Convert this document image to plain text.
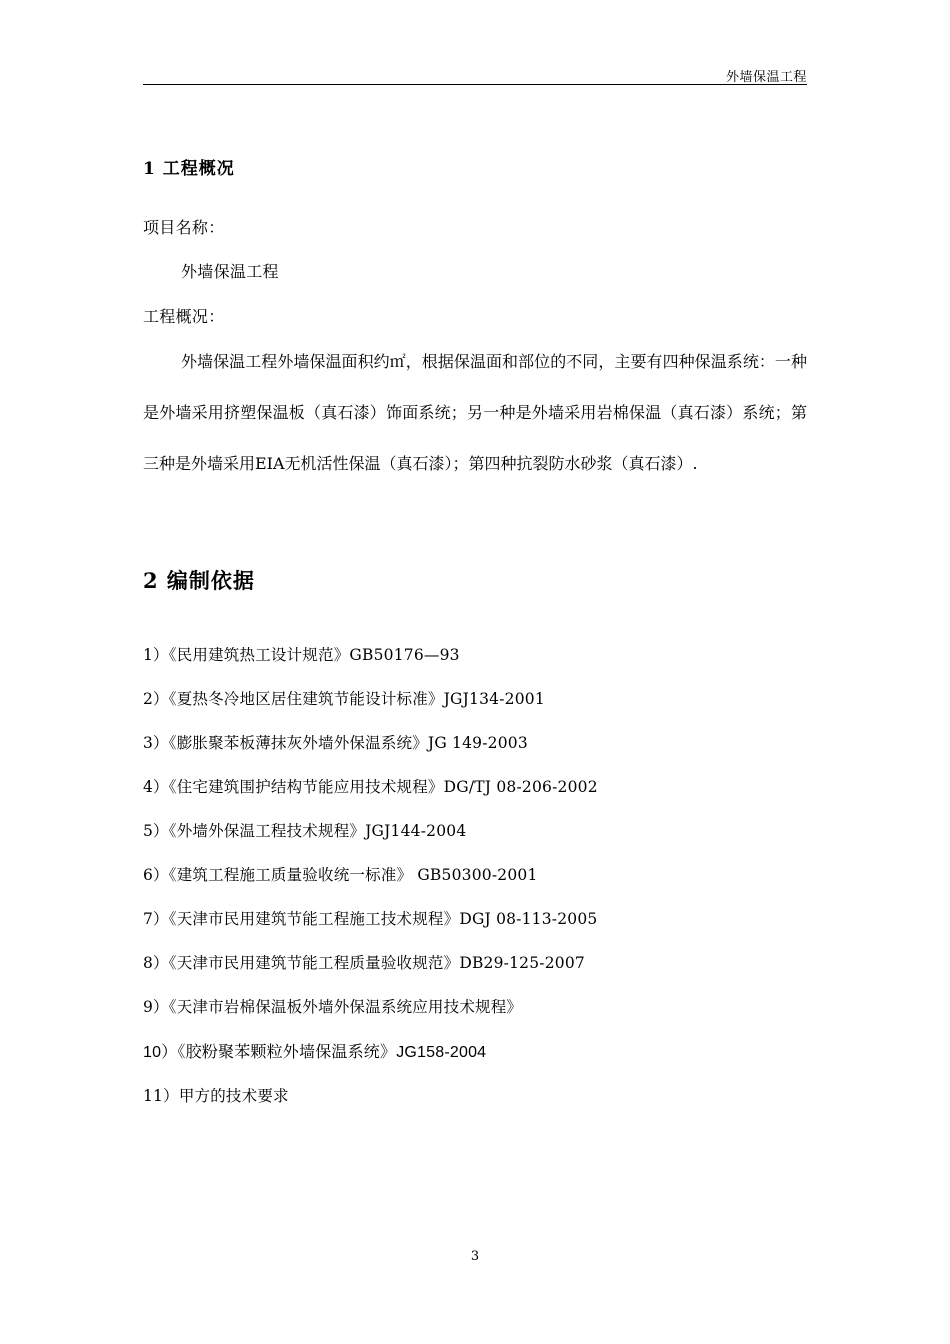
外墙保温工程
1 工程概况
项目名称：
外墙保温工程
工程概况：
外墙保温工程外墙保温面积约㎡，根据保温面和部位的不同，主要有四种保温系统：一种是外墙采用挤塑保温板（真石漆）饰面系统；另一种是外墙采用岩棉保温（真石漆）系统；第三种是外墙采用EIA无机活性保温（真石漆）；第四种抗裂防水砂浆（真石漆）.
2 编制依据
1）《民用建筑热工设计规范》GB50176—93
2）《夏热冬冷地区居住建筑节能设计标准》JGJ134-2001
3）《膨胀聚苯板薄抹灰外墙外保温系统》JG 149-2003
4）《住宅建筑围护结构节能应用技术规程》DG/TJ 08-206-2002
5）《外墙外保温工程技术规程》JGJ144-2004
6）《建筑工程施工质量验收统一标准》 GB50300-2001
7）《天津市民用建筑节能工程施工技术规程》DGJ 08-113-2005
8）《天津市民用建筑节能工程质量验收规范》DB29-125-2007
9）《天津市岩棉保温板外墙外保温系统应用技术规程》
10）《胶粉聚苯颗粒外墙保温系统》JG158-2004
11）甲方的技术要求
3
